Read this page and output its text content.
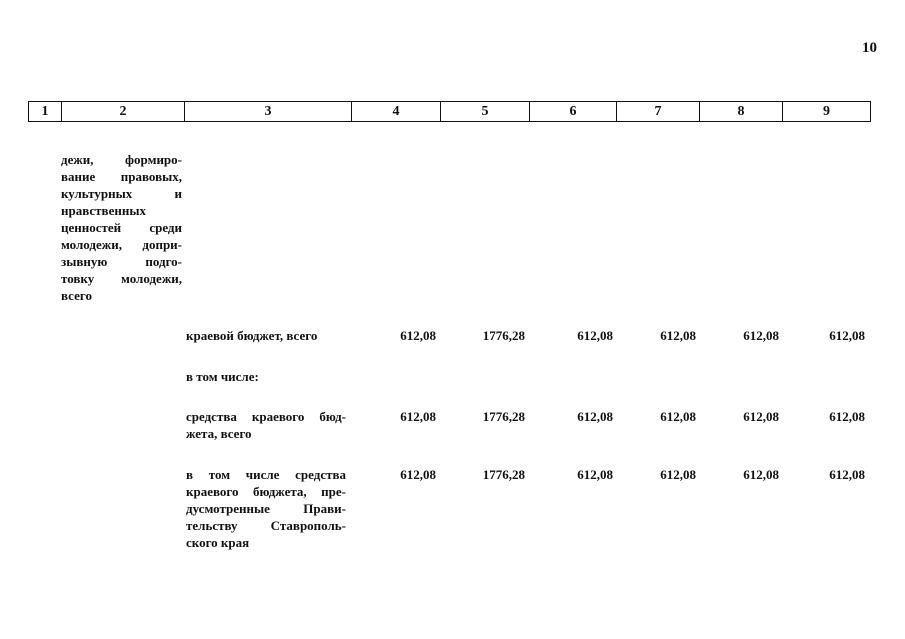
10
1	2	3	4	5	6	7	8	9
дежи, формиро-
вание правовых,
культурных и
нравственных
ценностей среди
молодежи, допри-
зывную подго-
товку молодежи,
всего
краевой бюджет, всего	612,08	1776,28	612,08	612,08	612,08	612,08
в том числе:
средства краевого бюд-
жета, всего
612,08	1776,28	612,08	612,08	612,08	612,08
в том числе средства
краевого бюджета, пре-
дусмотренные Прави-
тельству Ставрополь-
ского края
612,08	1776,28	612,08	612,08	612,08	612,08
